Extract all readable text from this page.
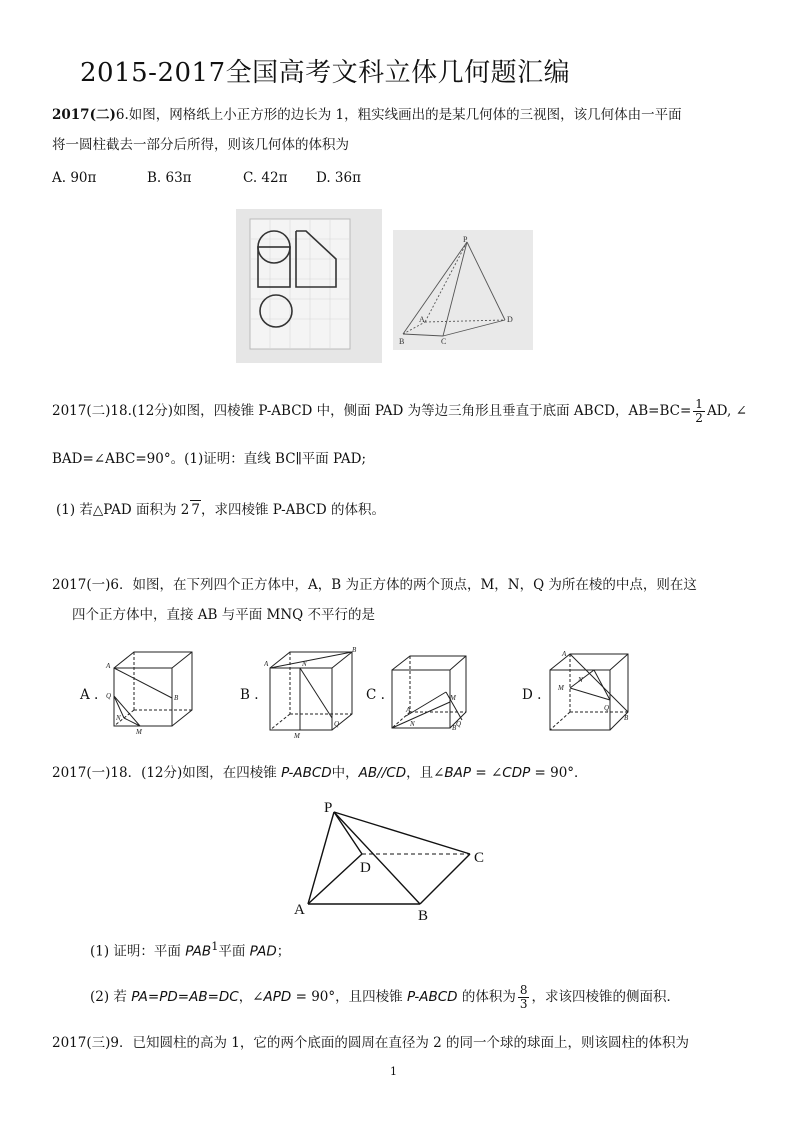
2015-2017全国高考文科立体几何题汇编
2017(二)6.如图，网格纸上小正方形的边长为 1，粗实线画出的是某几何体的三视图，该几何体由一平面
将一圆柱截去一部分后所得，则该几何体的体积为
A. 90π	B. 63π	C. 42π D. 36π
P
A
B	C
D
2017(二)18.(12分)如图，四棱锥 P-ABCD 中，侧面 PAD 为等边三角形且垂直于底面 ABCD，$AB=BC= \frac{1}{2}$ AD, ∠
BAD=∠ABC=90°。(1)证明：直线 BC∥平面 PAD;
(1) 若△PAD 面积为 2 7，求四棱锥 P-ABCD 的体积。
2017(一)6．如图，在下列四个正方体中，A，B 为正方体的两个顶点，M，N，Q 为所在棱的中点，则在这
四个正方体中，直接 AB 与平面 MNQ 不平行的是
A .	B .	C .	D .
A
B
M
N
Q
A
B
M
N
Q
A
B
M
N	Q
A
B
M
N
Q
2017(一)18．(12分)如图，在四棱锥 P-ABCD中，AB//CD，且∠BAP = ∠CDP = 90°．
P
D
C
A	B
(1) 证明：平面 PAB$^1$平面 PAD；
(2) 若 PA=PD=AB=DC，∠APD = 90°，且四棱锥 P-ABCD 的体积为 $\frac{8}{3}$ ，求该四棱锥的侧面积．
2017(三)9．已知圆柱的高为 1，它的两个底面的圆周在直径为 2 的同一个球的球面上，则该圆柱的体积为
1
